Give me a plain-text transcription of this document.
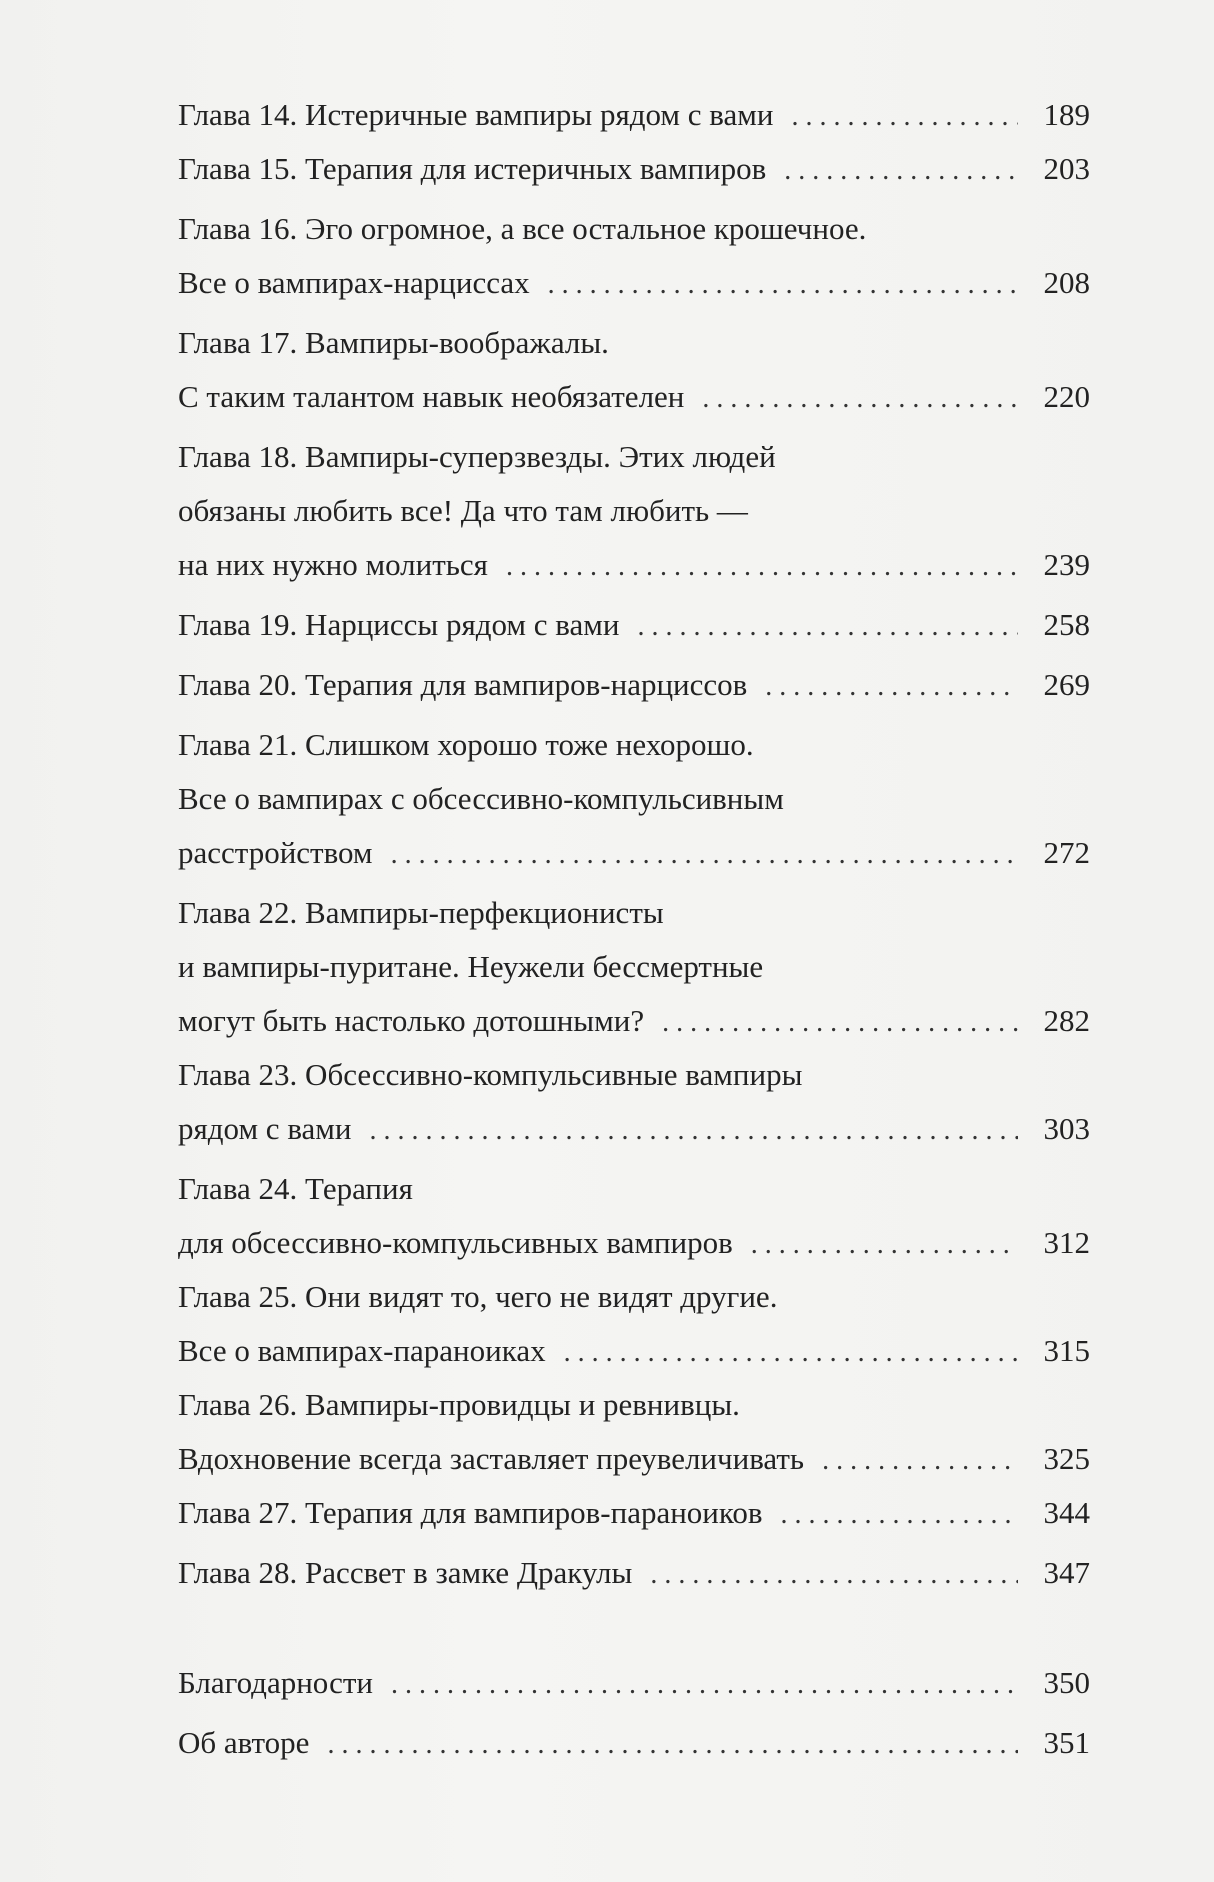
Глава 14. Истеричные вампиры рядом с вами . . .	189
Глава 15. Терапия для истеричных вампиров . . .	203
Глава 16. Эго огромное, а все остальное крошечное.
Все о вампирах-нарциссах . . .	208
Глава 17. Вампиры-воображалы.
С таким талантом навык необязателен . . .	220
Глава 18. Вампиры-суперзвезды. Этих людей
обязаны любить все! Да что там любить —
на них нужно молиться . . .	239
Глава 19. Нарциссы рядом с вами . . .	258
Глава 20. Терапия для вампиров-нарциссов . . .	269
Глава 21. Слишком хорошо тоже нехорошо.
Все о вампирах с обсессивно-компульсивным
расстройством . . .	272
Глава 22. Вампиры-перфекционисты
и вампиры-пуритане. Неужели бессмертные
могут быть настолько дотошными? . . .	282
Глава 23. Обсессивно-компульсивные вампиры
рядом с вами . . .	303
Глава 24. Терапия
для обсессивно-компульсивных вампиров . . .	312
Глава 25. Они видят то, чего не видят другие.
Все о вампирах-параноиках . . .	315
Глава 26. Вампиры-провидцы и ревнивцы.
Вдохновение всегда заставляет преувеличивать . . .	325
Глава 27. Терапия для вампиров-параноиков . . .	344
Глава 28. Рассвет в замке Дракулы . . .	347
Благодарности . . .	350
Об авторе . . .	351
